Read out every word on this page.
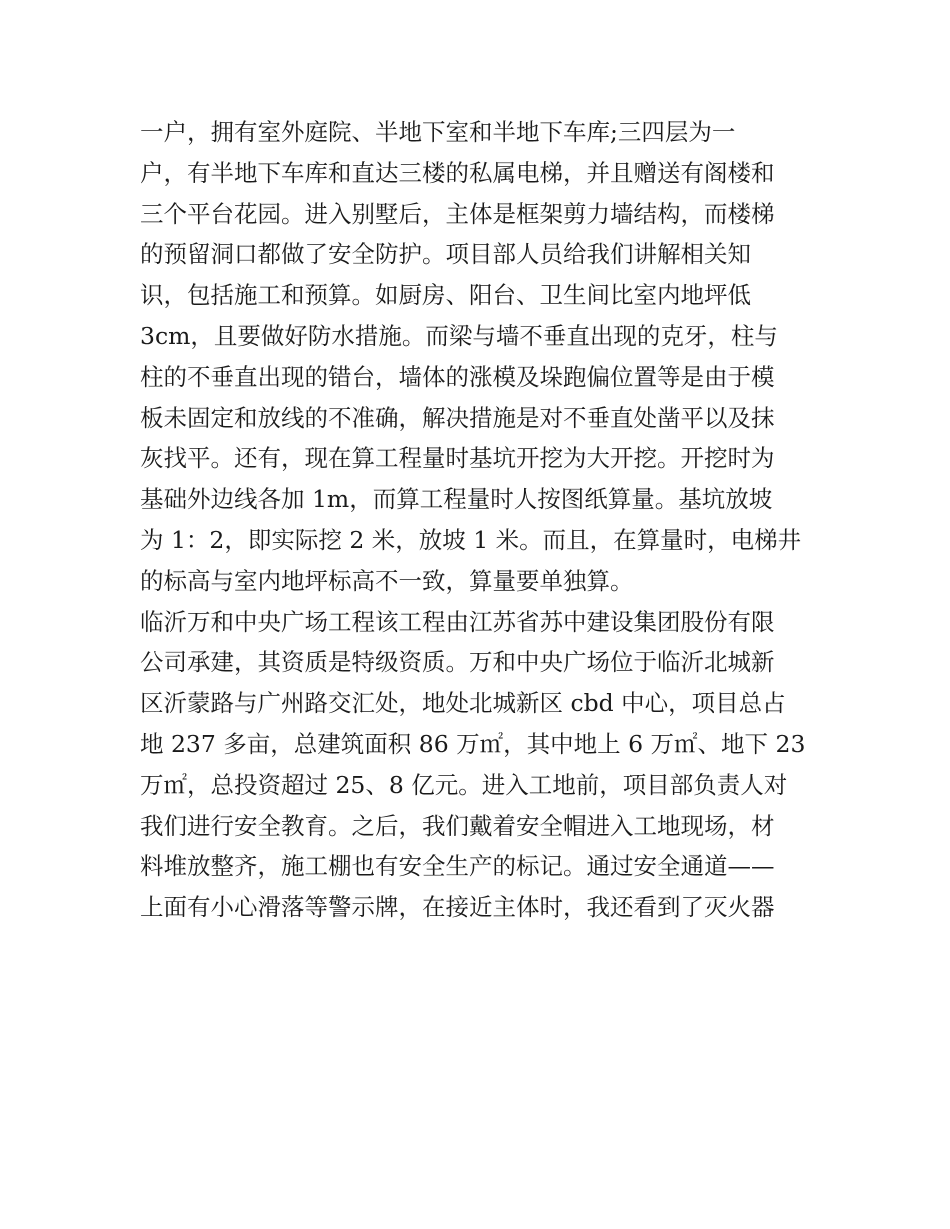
一户，拥有室外庭院、半地下室和半地下车库;三四层为一
户，有半地下车库和直达三楼的私属电梯，并且赠送有阁楼和
三个平台花园。进入别墅后，主体是框架剪力墙结构，而楼梯
的预留洞口都做了安全防护。项目部人员给我们讲解相关知
识，包括施工和预算。如厨房、阳台、卫生间比室内地坪低
3cm，且要做好防水措施。而梁与墙不垂直出现的克牙，柱与
柱的不垂直出现的错台，墙体的涨模及垛跑偏位置等是由于模
板未固定和放线的不准确，解决措施是对不垂直处凿平以及抹
灰找平。还有，现在算工程量时基坑开挖为大开挖。开挖时为
基础外边线各加 1m，而算工程量时人按图纸算量。基坑放坡
为 1：2，即实际挖 2 米，放坡 1 米。而且，在算量时，电梯井
的标高与室内地坪标高不一致，算量要单独算。
临沂万和中央广场工程该工程由江苏省苏中建设集团股份有限
公司承建，其资质是特级资质。万和中央广场位于临沂北城新
区沂蒙路与广州路交汇处，地处北城新区 cbd 中心，项目总占
地 237 多亩，总建筑面积 86 万㎡，其中地上 6 万㎡、地下 23
万㎡，总投资超过 25、8 亿元。进入工地前，项目部负责人对
我们进行安全教育。之后，我们戴着安全帽进入工地现场，材
料堆放整齐，施工棚也有安全生产的标记。通过安全通道——
上面有小心滑落等警示牌，在接近主体时，我还看到了灭火器
